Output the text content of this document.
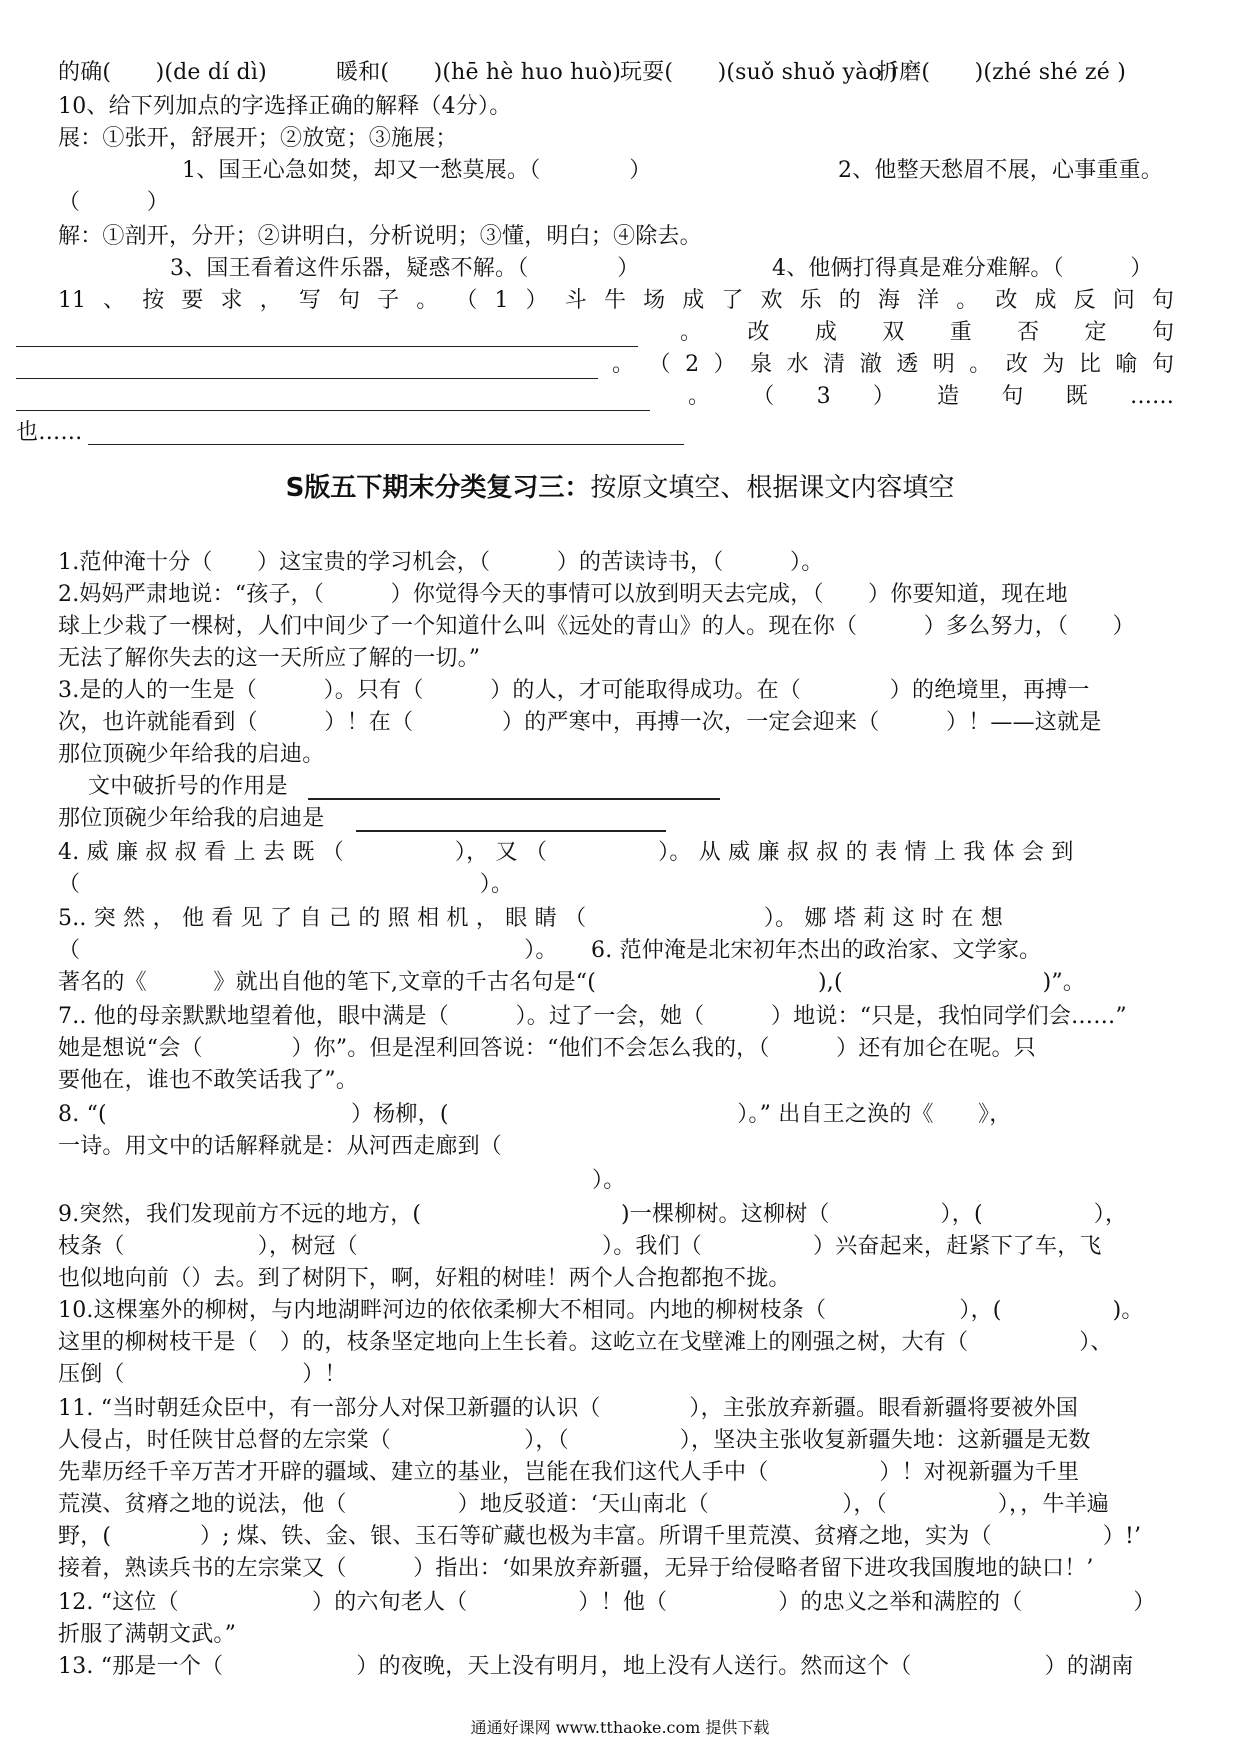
的确(　　)(de dí dì)	暖和(　　)(hē hè huo huò)
玩耍(　　)(suǒ shuǒ yào )
折磨(　　)(zhé shé zé )
10、给下列加点的字选择正确的解释（4分）。
展：①张开，舒展开；②放宽；③施展；
1、国王心急如焚，却又一愁莫展。（　　　　）	2、他整天愁眉不展，心事重重。
（　　　）
解：①剖开，分开；②讲明白，分析说明；③懂，明白；④除去。
3、国王看着这件乐器，疑惑不解。（　　　　）	4、他俩打得真是难分难解。（　　　）
11 、 按 要 求 ， 写 句 子 。 （ 1 ） 斗 牛 场 成 了 欢 乐 的 海 洋 。 改 成 反 问 句
。 改 成 双 重 否 定 句
。 （ 2 ） 泉 水 清 澈 透 明 。 改 为 比 喻 句
。 （ 3 ） 造 句 既 ……
也……
S版五下期末分类复习三：按原文填空、根据课文内容填空
1.范仲淹十分（　　）这宝贵的学习机会，（　　　）的苦读诗书，（　　　）。
2.妈妈严肃地说：“孩子，（　　　）你觉得今天的事情可以放到明天去完成，（　　）你要知道，现在地
球上少栽了一棵树，人们中间少了一个知道什么叫《远处的青山》的人。现在你（　　　）多么努力，（　　）
无法了解你失去的这一天所应了解的一切。”
3.是的人的一生是（　　　）。只有（　　　）的人，才可能取得成功。在（　　　　）的绝境里，再搏一
次，也许就能看到（　　　）！在（　　　　）的严寒中，再搏一次，一定会迎来（　　　）！——这就是
那位顶碗少年给我的启迪。
文中破折号的作用是
那位顶碗少年给我的启迪是
4. 威 廉 叔 叔 看 上 去 既 （　　　　　）， 又 （　　　　　）。 从 威 廉 叔 叔 的 表 情 上 我 体 会 到
（　　　　　　　　　　　　　　　　　　）。
5.. 突 然 ， 他 看 见 了 自 己 的 照 相 机 ， 眼 睛 （　　　　　　　　）。 娜 塔 莉 这 时 在 想
（　　　　　　　　　　　　　　　　　　　　）。　　6. 范仲淹是北宋初年杰出的政治家、文学家。
著名的《　　　》就出自他的笔下,文章的千古名句是“(　　　　　　　　　　),(　　　　　　　　　)”。
7.. 他的母亲默默地望着他，眼中满是（　　　）。过了一会，她（　　　）地说：“只是，我怕同学们会……”
她是想说“会（　　　　）你”。但是涅利回答说：“他们不会怎么我的，（　　　）还有加仑在呢。只
要他在，谁也不敢笑话我了”。
8. “(　　　　　　　　　　　）杨柳，(　　　　　　　　　　　　　）。” 出自王之涣的《　　》，
一诗。用文中的话解释就是：从河西走廊到（
）。
9.突然，我们发现前方不远的地方，(　　　　　　　　　)一棵柳树。这柳树（　　　　　），(　　　　　），
枝条（　　　　　　），树冠（　　　　　　　　　　　）。我们（　　　　　）兴奋起来，赶紧下了车，飞
也似地向前（）去。到了树阴下，啊，好粗的树哇！两个人合抱都抱不拢。
10.这棵塞外的柳树，与内地湖畔河边的依依柔柳大不相同。内地的柳树枝条（　　　　　　），(　　　　　)。
这里的柳树枝干是（　）的，枝条坚定地向上生长着。这屹立在戈壁滩上的刚强之树，大有（　　　　　）、
压倒（　　　　　　　　）！
11. “当时朝廷众臣中，有一部分人对保卫新疆的认识（　　　　），主张放弃新疆。眼看新疆将要被外国
人侵占，时任陕甘总督的左宗棠（　　　　　　），（　　　　　），坚决主张收复新疆失地：这新疆是无数
先辈历经千辛万苦才开辟的疆域、建立的基业，岂能在我们这代人手中（　　　　　）！对视新疆为千里
荒漠、贫瘠之地的说法，他（　　　　　）地反驳道：‘天山南北（　　　　　　），（　　　　　），，牛羊遍
野，(　　　　）; 煤、铁、金、银、玉石等矿藏也极为丰富。所谓千里荒漠、贫瘠之地，实为（　　　　　）!’
接着，熟读兵书的左宗棠又（　　　）指出：‘如果放弃新疆，无异于给侵略者留下进攻我国腹地的缺口！’
12. “这位（　　　　　　）的六旬老人（　　　　　）！他（　　　　　）的忠义之举和满腔的（　　　　　）
折服了满朝文武。”
13. “那是一个（　　　　　　）的夜晚，天上没有明月，地上没有人送行。然而这个（　　　　　　）的湖南
通通好课网 www.tthaoke.com 提供下载
